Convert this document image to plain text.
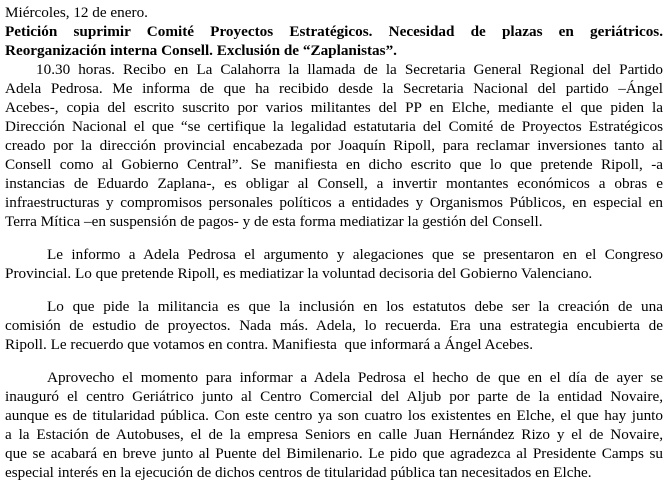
Miércoles, 12 de enero.
Petición suprimir Comité Proyectos Estratégicos. Necesidad de plazas en geriátricos.
Reorganización interna Consell. Exclusión de “Zaplanistas”.
10.30 horas. Recibo en La Calahorra la llamada de la Secretaria General Regional del Partido
Adela Pedrosa. Me informa de que ha recibido desde la Secretaria Nacional del partido –Ángel
Acebes-, copia del escrito suscrito por varios militantes del PP en Elche, mediante el que piden la
Dirección Nacional el que “se certifique la legalidad estatutaria del Comité de Proyectos Estratégicos
creado por la dirección provincial encabezada por Joaquín Ripoll, para reclamar inversiones tanto al
Consell como al Gobierno Central”. Se manifiesta en dicho escrito que lo que pretende Ripoll, -a
instancias de Eduardo Zaplana-, es obligar al Consell, a invertir montantes económicos a obras e
infraestructuras y compromisos personales políticos a entidades y Organismos Públicos, en especial en
Terra Mítica –en suspensión de pagos- y de esta forma mediatizar la gestión del Consell.
Le informo a Adela Pedrosa el argumento y alegaciones que se presentaron en el Congreso
Provincial. Lo que pretende Ripoll, es mediatizar la voluntad decisoria del Gobierno Valenciano.
Lo que pide la militancia es que la inclusión en los estatutos debe ser la creación de una
comisión de estudio de proyectos. Nada más. Adela, lo recuerda. Era una estrategia encubierta de
Ripoll. Le recuerdo que votamos en contra. Manifiesta  que informará a Ángel Acebes.
Aprovecho el momento para informar a Adela Pedrosa el hecho de que en el día de ayer se
inauguró el centro Geriátrico junto al Centro Comercial del Aljub por parte de la entidad Novaire,
aunque es de titularidad pública. Con este centro ya son cuatro los existentes en Elche, el que hay junto
a la Estación de Autobuses, el de la empresa Seniors en calle Juan Hernández Rizo y el de Novaire,
que se acabará en breve junto al Puente del Bimilenario. Le pido que agradezca al Presidente Camps su
especial interés en la ejecución de dichos centros de titularidad pública tan necesitados en Elche.
